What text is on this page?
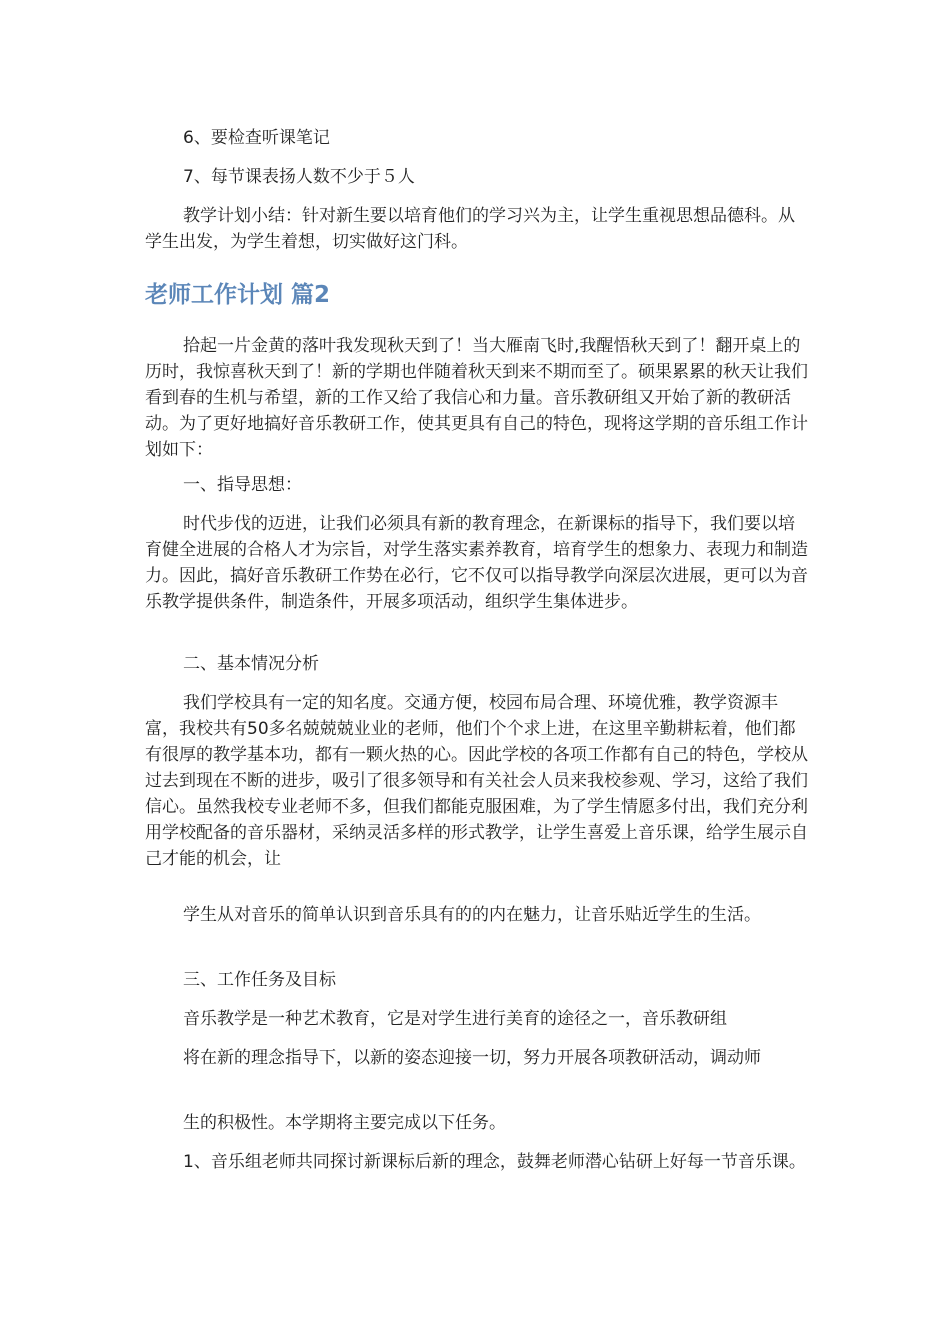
6、要检查听课笔记

7、每节课表扬人数不少于５人

教学计划小结：针对新生要以培育他们的学习兴为主，让学生重视思想品德科。从学生出发，为学生着想，切实做好这门科。

老师工作计划 篇2

拾起一片金黄的落叶我发现秋天到了！当大雁南飞时,我醒悟秋天到了！翻开桌上的历时，我惊喜秋天到了！新的学期也伴随着秋天到来不期而至了。硕果累累的秋天让我们看到春的生机与希望，新的工作又给了我信心和力量。音乐教研组又开始了新的教研活动。为了更好地搞好音乐教研工作，使其更具有自己的特色，现将这学期的音乐组工作计划如下：

一、指导思想：

时代步伐的迈进，让我们必须具有新的教育理念，在新课标的指导下，我们要以培育健全进展的合格人才为宗旨，对学生落实素养教育，培育学生的想象力、表现力和制造力。因此，搞好音乐教研工作势在必行，它不仅可以指导教学向深层次进展，更可以为音乐教学提供条件，制造条件，开展多项活动，组织学生集体进步。

二、基本情况分析

我们学校具有一定的知名度。交通方便，校园布局合理、环境优雅，教学资源丰富，我校共有50多名兢兢兢业业的老师，他们个个求上进，在这里辛勤耕耘着，他们都有很厚的教学基本功，都有一颗火热的心。因此学校的各项工作都有自己的特色，学校从过去到现在不断的进步，吸引了很多领导和有关社会人员来我校参观、学习，这给了我们信心。虽然我校专业老师不多，但我们都能克服困难，为了学生情愿多付出，我们充分利用学校配备的音乐器材，采纳灵活多样的形式教学，让学生喜爱上音乐课，给学生展示自己才能的机会，让

学生从对音乐的简单认识到音乐具有的的内在魅力，让音乐贴近学生的生活。

三、工作任务及目标

音乐教学是一种艺术教育，它是对学生进行美育的途径之一，音乐教研组

将在新的理念指导下，以新的姿态迎接一切，努力开展各项教研活动，调动师

生的积极性。本学期将主要完成以下任务。

1、音乐组老师共同探讨新课标后新的理念，鼓舞老师潜心钻研上好每一节音乐课。
